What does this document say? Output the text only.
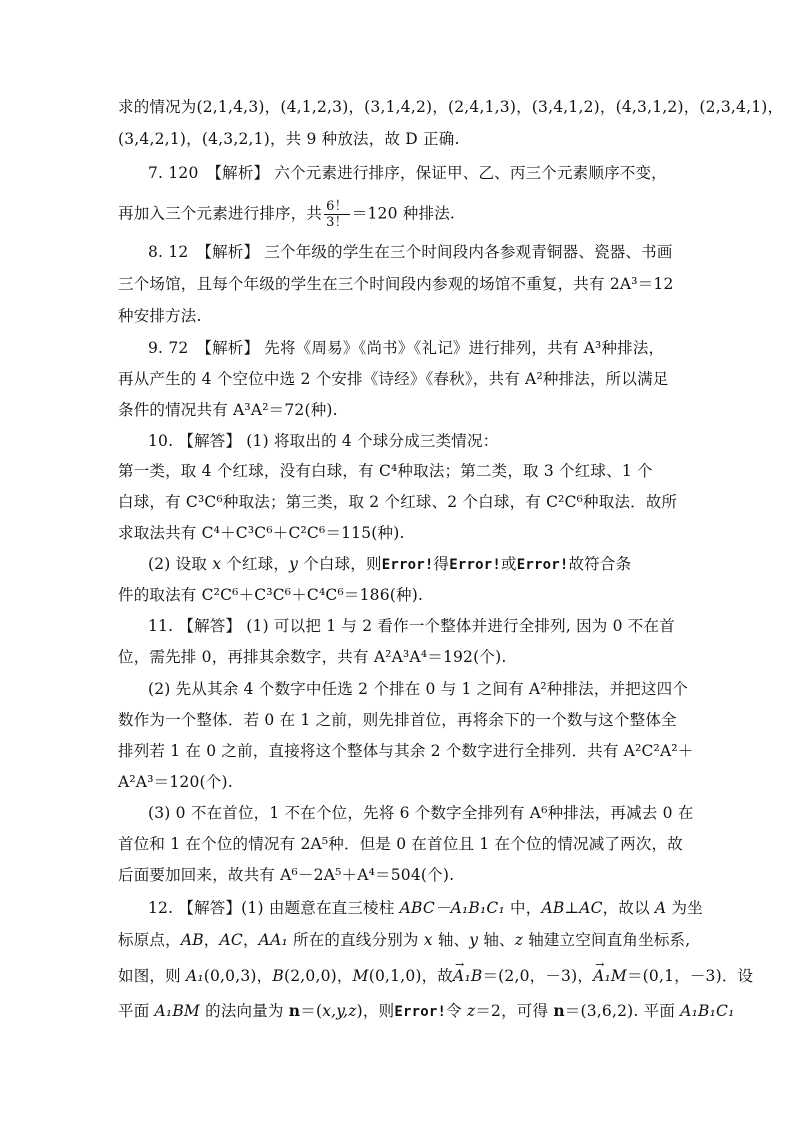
求的情况为(2,1,4,3)，(4,1,2,3)，(3,1,4,2)，(2,4,1,3)，(3,4,1,2)，(4,3,1,2)，(2,3,4,1)，
(3,4,2,1)，(4,3,2,1)，共 9 种放法，故 D 正确.
7. 120　【解析】 六个元素进行排序，保证甲、乙、丙三个元素顺序不变，
再加入三个元素进行排序，共 $\frac{6!}{3!} =120$ 种排法.
8. 12　【解析】 三个年级的学生在三个时间段内各参观青铜器、瓷器、书画
三个场馆，且每个年级的学生在三个时间段内参观的场馆不重复，共有 2A³＝12
种安排方法.
9. 72　【解析】 先将《周易》《尚书》《礼记》进行排列，共有 A³种排法，
再从产生的 4 个空位中选 2 个安排《诗经》《春秋》，共有 A²种排法，所以满足
条件的情况共有 A³A²＝72(种).
10. 【解答】 (1) 将取出的 4 个球分成三类情况：
第一类，取 4 个红球，没有白球，有 C⁴种取法；第二类，取 3 个红球、1 个
白球，有 C³C⁶种取法；第三类，取 2 个红球、2 个白球，有 C²C⁶种取法．故所
求取法共有 C⁴＋C³C⁶＋C²C⁶＝115(种).
(2) 设取 x 个红球，y 个白球，则Error!得Error!或Error!故符合条
件的取法有 C²C⁶＋C³C⁶＋C⁴C⁶＝186(种).
11. 【解答】 (1) 可以把 1 与 2 看作一个整体并进行全排列, 因为 0 不在首
位，需先排 0，再排其余数字，共有 A²A³A⁴＝192(个).
(2) 先从其余 4 个数字中任选 2 个排在 0 与 1 之间有 A²种排法，并把这四个
数作为一个整体．若 0 在 1 之前，则先排首位，再将余下的一个数与这个整体全
排列若 1 在 0 之前，直接将这个整体与其余 2 个数字进行全排列．共有 A²C²A²＋
A²A³＝120(个).
(3) 0 不在首位，1 不在个位，先将 6 个数字全排列有 A⁶种排法，再减去 0 在
首位和 1 在个位的情况有 2A⁵种．但是 0 在首位且 1 在个位的情况减了两次，故
后面要加回来，故共有 A⁶－2A⁵＋A⁴＝504(个).
12. 【解答】(1) 由题意在直三棱柱 ABC－A₁B₁C₁ 中，AB⊥AC，故以 A 为坐
标原点，AB，AC，AA₁ 所在的直线分别为 x 轴、y 轴、z 轴建立空间直角坐标系,
如图，则 A₁(0,0,3)，B(2,0,0)，M(0,1,0)，故→ A₁B＝(2,0，－3)，→ A₁M＝(0,1，－3)．设
平面 A₁BM 的法向量为 n＝(x,y,z)，则Error!令 z＝2，可得 n＝(3,6,2). 平面 A₁B₁C₁
